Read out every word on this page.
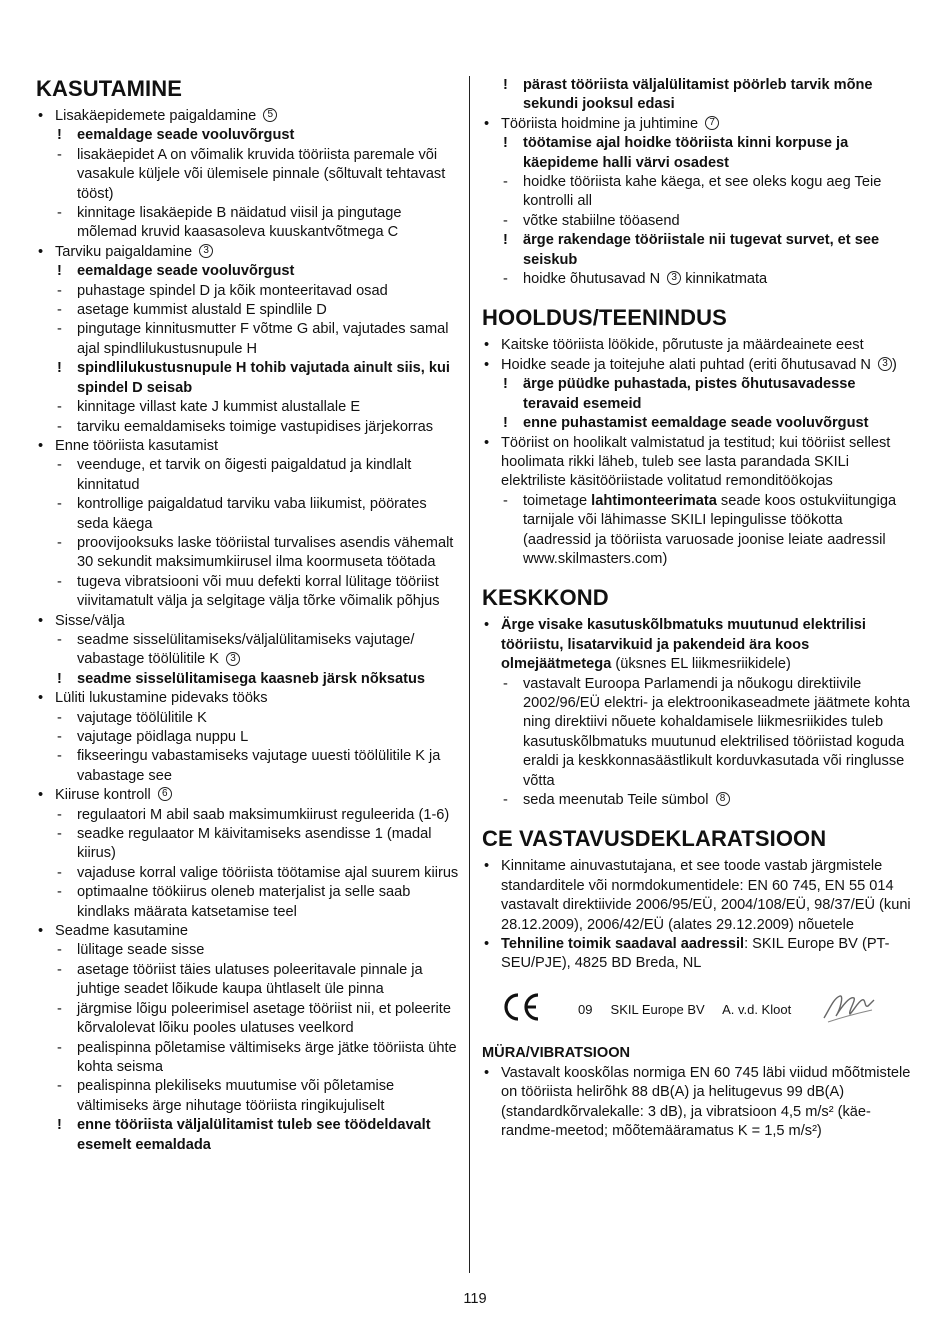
KASUTAMINE
• Lisakäepidemete paigaldamine 5
! eemaldage seade vooluvõrgust
- lisakäepidet A on võimalik kruvida tööriista paremale või vasakule küljele või ülemisele pinnale (sõltuvalt tehtavast tööst)
- kinnitage lisakäepide B näidatud viisil ja pingutage mõlemad kruvid kaasasoleva kuuskantvõtmega C
• Tarviku paigaldamine 3
! eemaldage seade vooluvõrgust
- puhastage spindel D ja kõik monteeritavad osad
- asetage kummist alustald E spindlile D
- pingutage kinnitusmutter F võtme G abil, vajutades samal ajal spindlilukustusnupule H
! spindlilukustusnupule H tohib vajutada ainult siis, kui spindel D seisab
- kinnitage villast kate J kummist alustallale E
- tarviku eemaldamiseks toimige vastupidises järjekorras
• Enne tööriista kasutamist
- veenduge, et tarvik on õigesti paigaldatud ja kindlalt kinnitatud
- kontrollige paigaldatud tarviku vaba liikumist, pöörates seda käega
- proovijooksuks laske tööriistal turvalises asendis vähemalt 30 sekundit maksimumkiirusel ilma koormuseta töötada
- tugeva vibratsiooni või muu defekti korral lülitage tööriist viivitamatult välja ja selgitage välja tõrke võimalik põhjus
• Sisse/välja
- seadme sisselülitamiseks/väljalülitamiseks vajutage/ vabastage töölülitile K 3
! seadme sisselülitamisega kaasneb järsk nõksatus
• Lüliti lukustamine pidevaks tööks
- vajutage töölülitile K
- vajutage pöidlaga nuppu L
- fikseeringu vabastamiseks vajutage uuesti töölülitile K ja vabastage see
• Kiiruse kontroll 6
- regulaatori M abil saab maksimumkiirust reguleerida (1-6)
- seadke regulaator M käivitamiseks asendisse 1 (madal kiirus)
- vajaduse korral valige tööriista töötamise ajal suurem kiirus
- optimaalne töökiirus oleneb materjalist ja selle saab kindlaks määrata katsetamise teel
• Seadme kasutamine
- lülitage seade sisse
- asetage tööriist täies ulatuses poleeritavale pinnale ja juhtige seadet lõikude kaupa ühtlaselt üle pinna
- järgmise lõigu poleerimisel asetage tööriist nii, et poleerite kõrvalolevat lõiku pooles ulatuses veelkord
- pealispinna põletamise vältimiseks ärge jätke tööriista ühte kohta seisma
- pealispinna plekiliseks muutumise või põletamise vältimiseks ärge nihutage tööriista ringikujuliselt
! enne tööriista väljalülitamist tuleb see töödeldavalt esemelt eemaldada
! pärast tööriista väljalülitamist pöörleb tarvik mõne sekundi jooksul edasi
• Tööriista hoidmine ja juhtimine 7
! töötamise ajal hoidke tööriista kinni korpuse ja käepideme halli värvi osadest
- hoidke tööriista kahe käega, et see oleks kogu aeg Teie kontrolli all
- võtke stabiilne tööasend
! ärge rakendage tööriistale nii tugevat survet, et see seiskub
- hoidke õhutusavad N 3 kinnikatmata
HOOLDUS/TEENINDUS
• Kaitske tööriista löökide, põrutuste ja määrdeainete eest
• Hoidke seade ja toitejuhe alati puhtad (eriti õhutusavad N 3 )
! ärge püüdke puhastada, pistes õhutusavadesse teravaid esemeid
! enne puhastamist eemaldage seade vooluvõrgust
• Tööriist on hoolikalt valmistatud ja testitud; kui tööriist sellest hoolimata rikki läheb, tuleb see lasta parandada SKILi elektriliste käsitööriistade volitatud remonditöökojas
- toimetage lahtimonteerimata seade koos ostukviitungiga tarnijale või lähimasse SKILI lepingulisse töökotta (aadressid ja tööriista varuosade joonise leiate aadressil www.skilmasters.com)
KESKKOND
• Ärge visake kasutuskõlbmatuks muutunud elektrilisi tööriistu, lisatarvikuid ja pakendeid ära koos olmejäätmetega (üksnes EL liikmesriikidele)
- vastavalt Euroopa Parlamendi ja nõukogu direktiivile 2002/96/EÜ elektri- ja elektroonikaseadmete jäätmete kohta ning direktiivi nõuete kohaldamisele liikmesriikides tuleb kasutuskõlbmatuks muutunud elektrilised tööriistad koguda eraldi ja keskkonnasäästlikult korduvkasutada või ringlusse võtta
- seda meenutab Teile sümbol 8
CE VASTAVUSDEKLARATSIOON
• Kinnitame ainuvastutajana, et see toode vastab järgmistele standarditele või normdokumentidele: EN 60 745, EN 55 014 vastavalt direktiivide 2006/95/EÜ, 2004/108/EÜ, 98/37/EÜ (kuni 28.12.2009), 2006/42/EÜ (alates 29.12.2009) nõuetele
• Tehniline toimik saadaval aadressil: SKIL Europe BV (PT-SEU/PJE), 4825 BD Breda, NL
09 SKIL Europe BV A. v.d. Kloot
MÜRA/VIBRATSIOON
• Vastavalt kooskõlas normiga EN 60 745 läbi viidud mõõtmistele on tööriista helirõhk 88 dB(A) ja helitugevus 99 dB(A) (standardkõrvalekalle: 3 dB), ja vibratsioon 4,5 m/s² (käe-randme-meetod; mõõtemääramatus K = 1,5 m/s²)
119
